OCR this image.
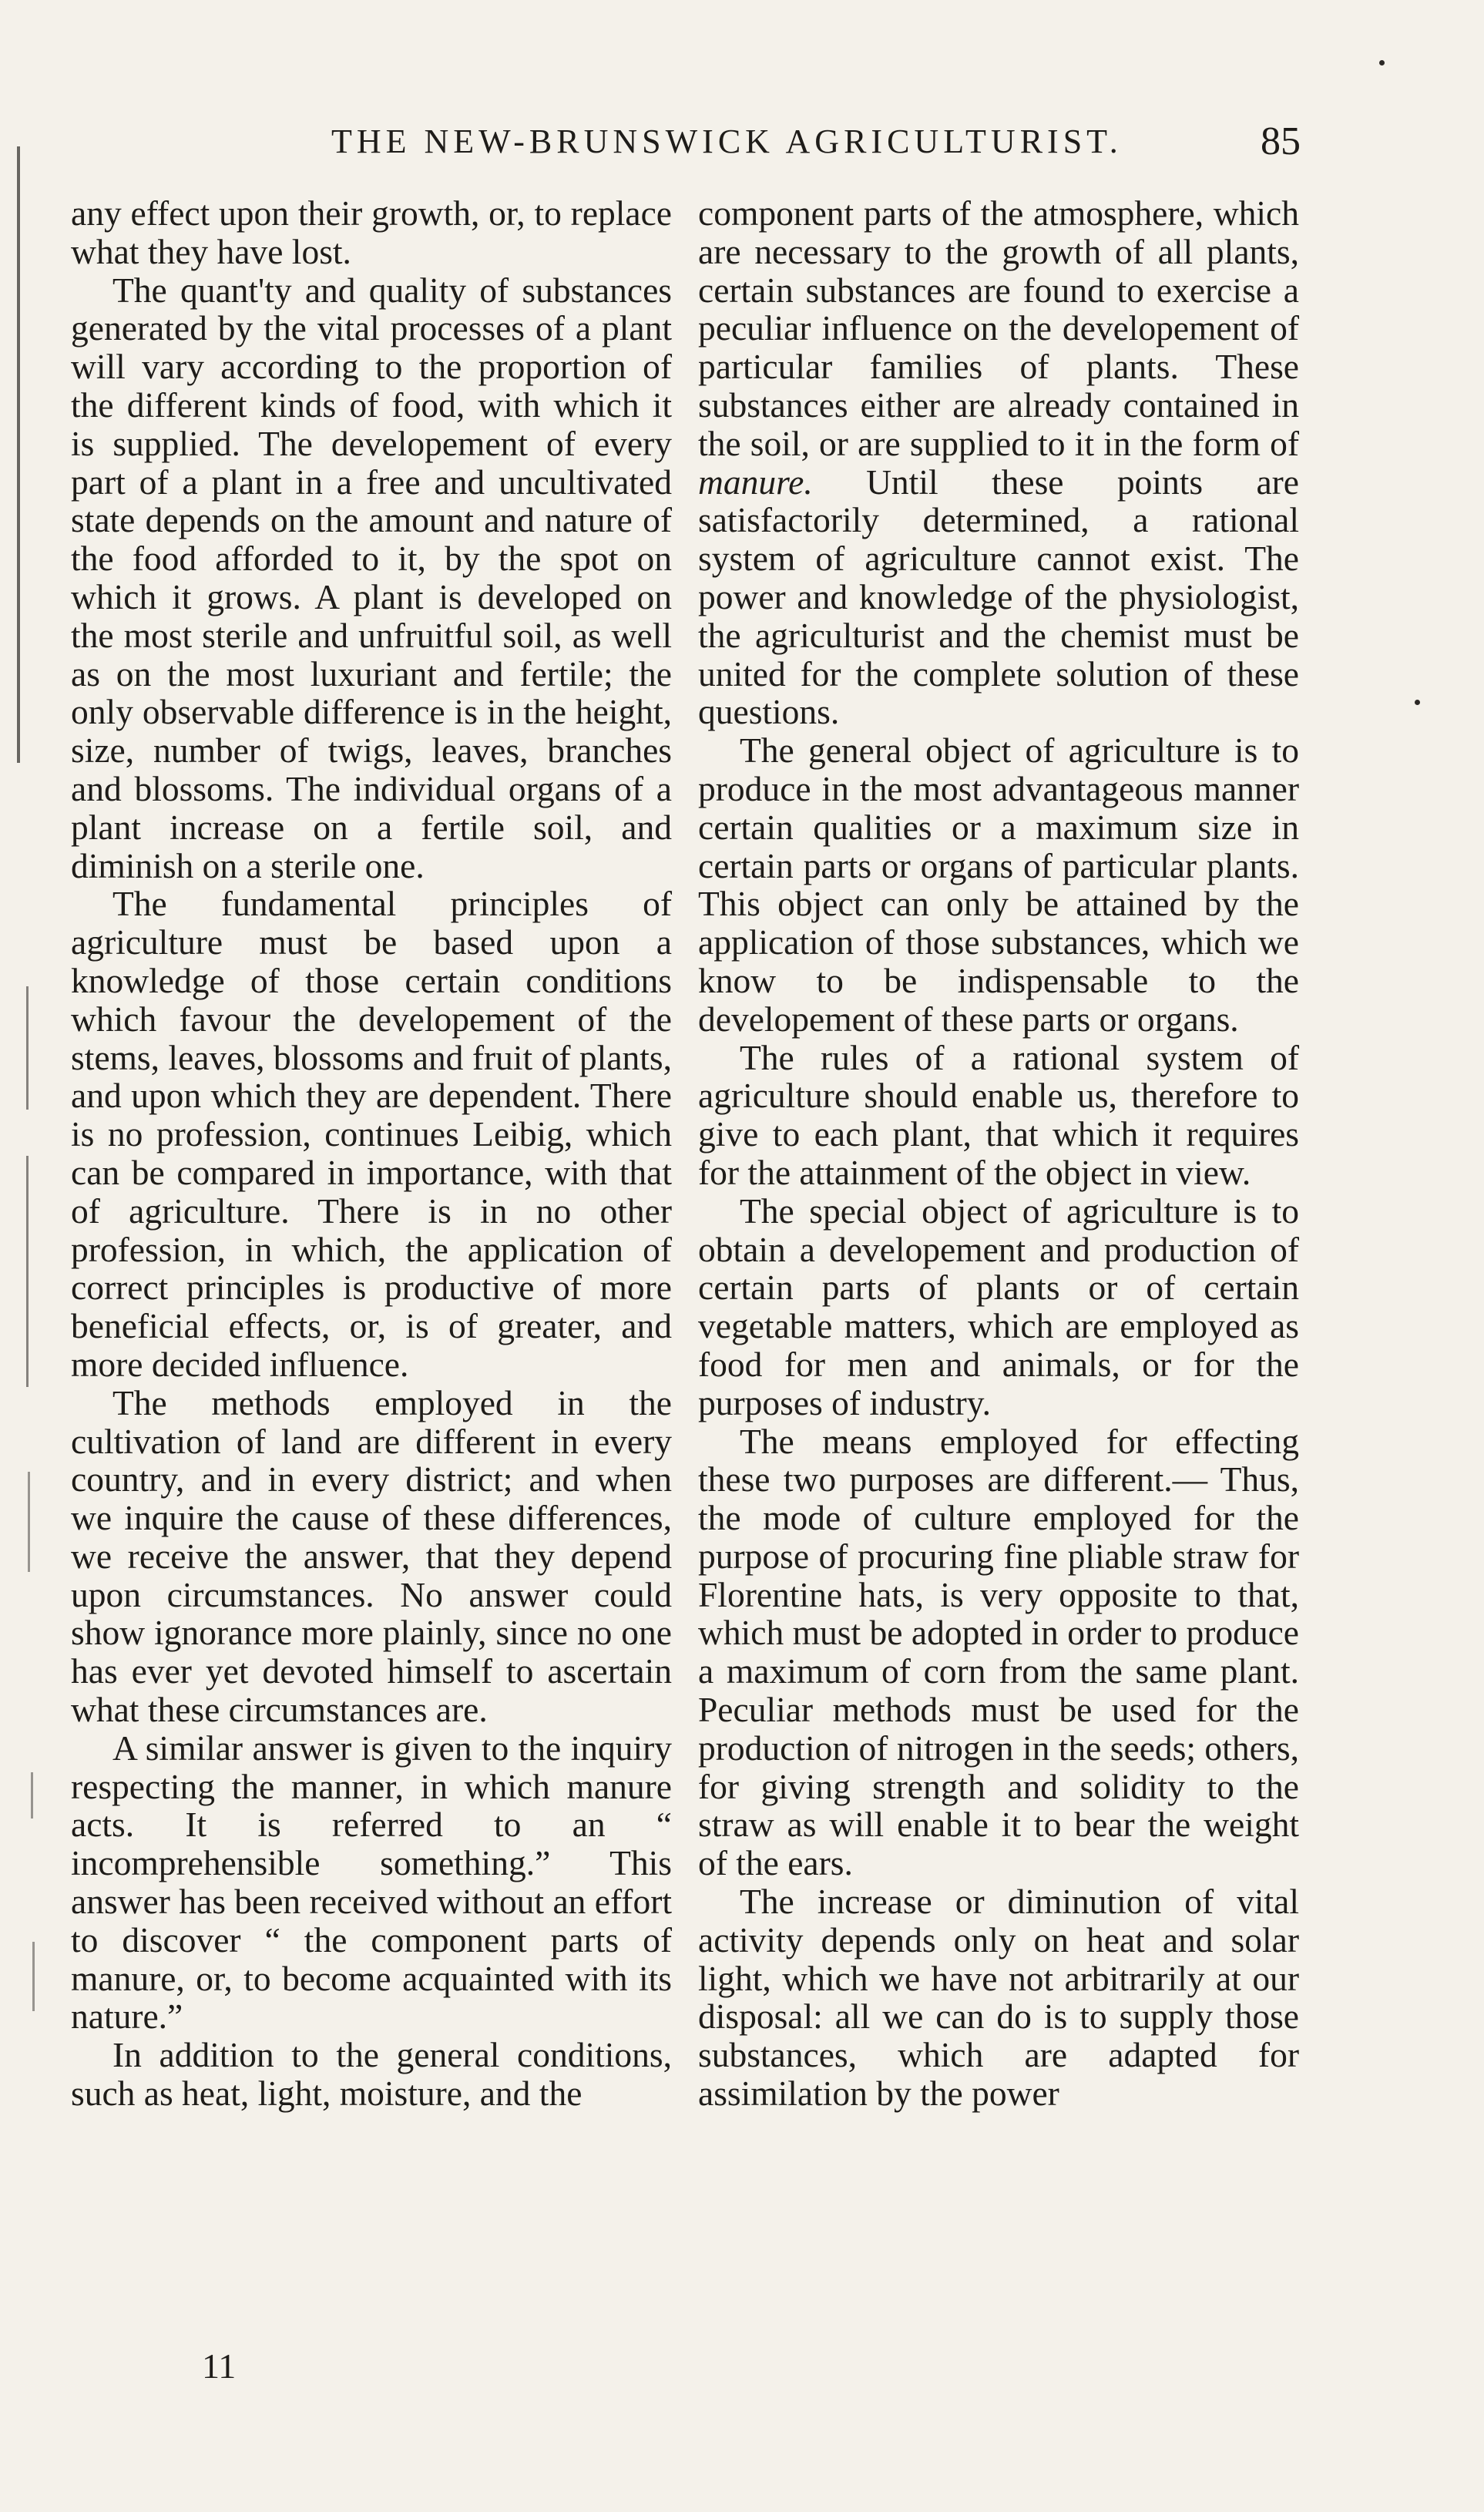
THE NEW-BRUNSWICK AGRICULTURIST.	85

any effect upon their growth, or, to replace what they have lost.

The quant'ty and quality of substances generated by the vital processes of a plant will vary according to the proportion of the different kinds of food, with which it is supplied. The developement of every part of a plant in a free and uncultivated state depends on the amount and nature of the food afforded to it, by the spot on which it grows. A plant is developed on the most sterile and unfruitful soil, as well as on the most luxuriant and fertile; the only observable difference is in the height, size, number of twigs, leaves, branches and blossoms. The individual organs of a plant increase on a fertile soil, and diminish on a sterile one.

The fundamental principles of agriculture must be based upon a knowledge of those certain conditions which favour the developement of the stems, leaves, blossoms and fruit of plants, and upon which they are dependent. There is no profession, continues Leibig, which can be compared in importance, with that of agriculture. There is in no other profession, in which, the application of correct principles is productive of more beneficial effects, or, is of greater, and more decided influence.

The methods employed in the cultivation of land are different in every country, and in every district; and when we inquire the cause of these differences, we receive the answer, that they depend upon circumstances. No answer could show ignorance more plainly, since no one has ever yet devoted himself to ascertain what these circumstances are.

A similar answer is given to the inquiry respecting the manner, in which manure acts. It is referred to an “ incomprehensible something.” This answer has been received without an effort to discover “ the component parts of manure, or, to become acquainted with its nature.”

In addition to the general conditions, such as heat, light, moisture, and the

component parts of the atmosphere, which are necessary to the growth of all plants, certain substances are found to exercise a peculiar influence on the developement of particular families of plants. These substances either are already contained in the soil, or are supplied to it in the form of manure. Until these points are satisfactorily determined, a rational system of agriculture cannot exist. The power and knowledge of the physiologist, the agriculturist and the chemist must be united for the complete solution of these questions.

The general object of agriculture is to produce in the most advantageous manner certain qualities or a maximum size in certain parts or organs of particular plants. This object can only be attained by the application of those substances, which we know to be indispensable to the developement of these parts or organs.

The rules of a rational system of agriculture should enable us, therefore to give to each plant, that which it requires for the attainment of the object in view.

The special object of agriculture is to obtain a developement and production of certain parts of plants or of certain vegetable matters, which are employed as food for men and animals, or for the purposes of industry.

The means employed for effecting these two purposes are different.— Thus, the mode of culture employed for the purpose of procuring fine pliable straw for Florentine hats, is very opposite to that, which must be adopted in order to produce a maximum of corn from the same plant. Peculiar methods must be used for the production of nitrogen in the seeds; others, for giving strength and solidity to the straw as will enable it to bear the weight of the ears.

The increase or diminution of vital activity depends only on heat and solar light, which we have not arbitrarily at our disposal: all we can do is to supply those substances, which are adapted for assimilation by the power

11
